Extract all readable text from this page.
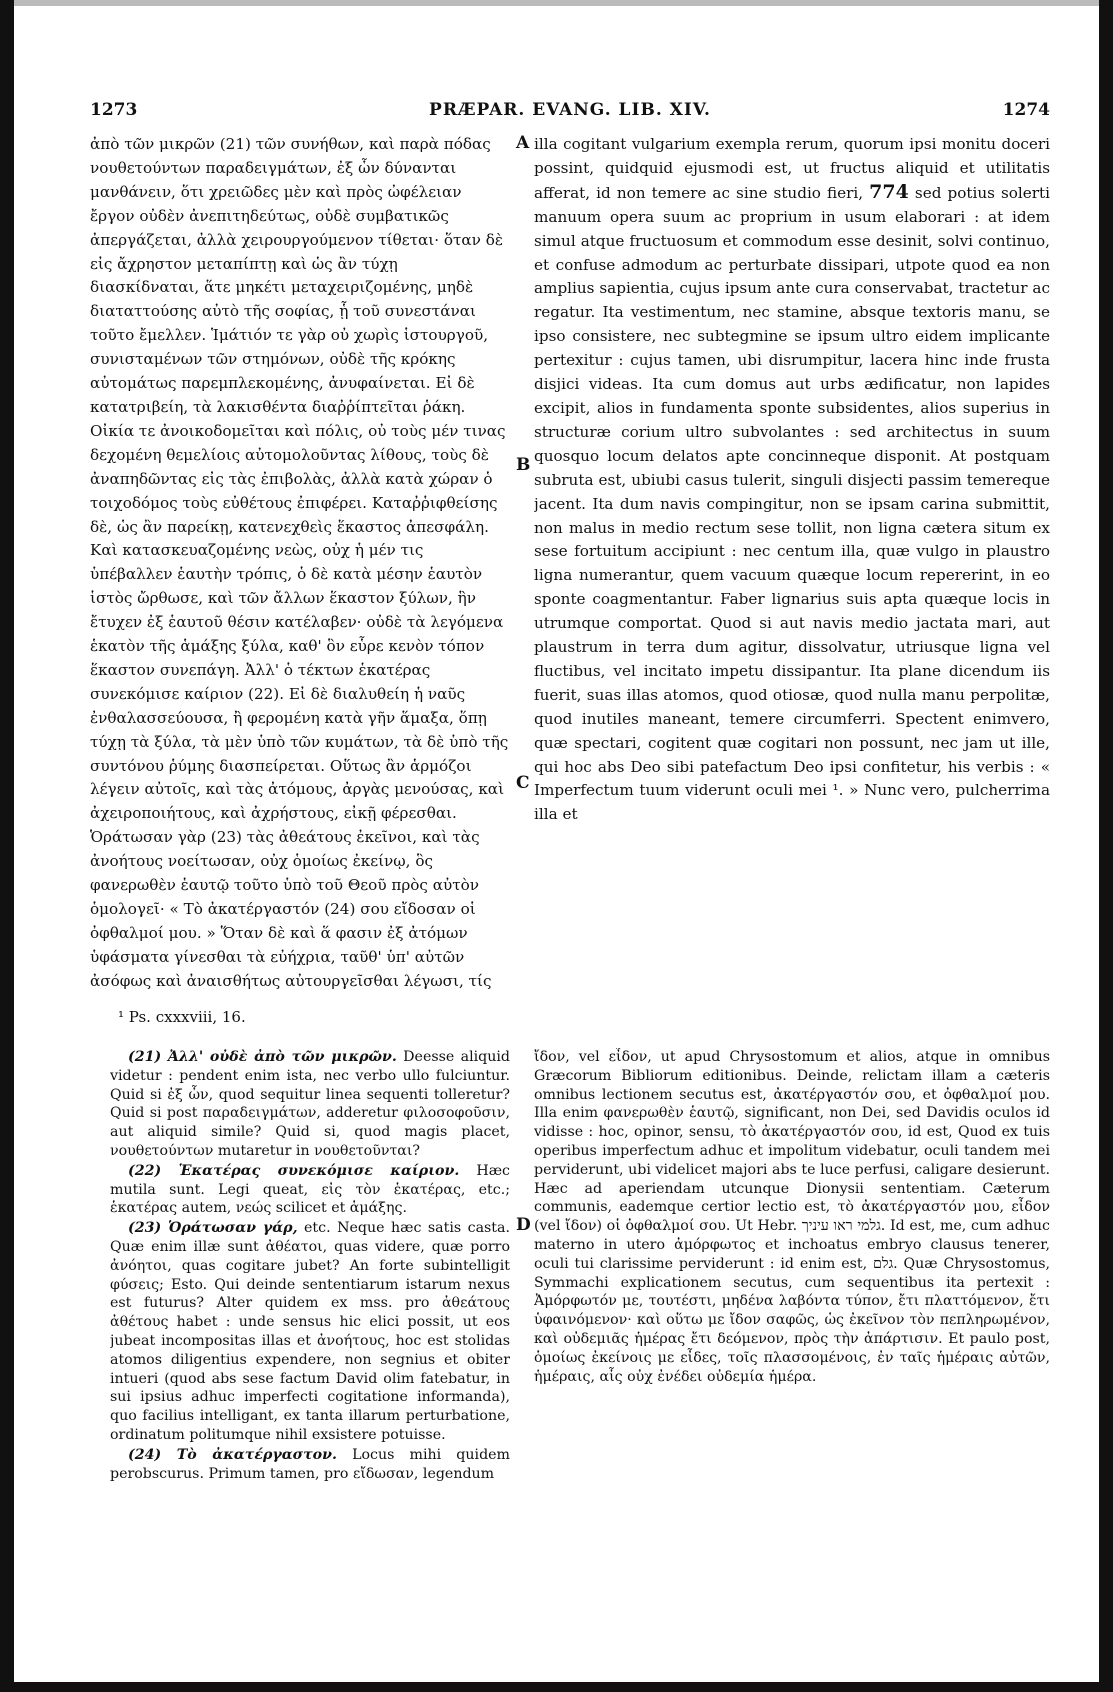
PRÆPAR. EVANG. LIB. XIV.
1273	1274

ἀπὸ τῶν μικρῶν (21) τῶν συνήθων, καὶ παρὰ πόδας νουθετούντων παραδειγμάτων, ἐξ ὧν δύνανται μανθάνειν, ὅτι χρειῶδες μὲν καὶ πρὸς ὠφέλειαν ἔργον οὐδὲν ἀνεπιτηδεύτως, οὐδὲ συμβατικῶς ἀπεργάζεται, ἀλλὰ χειρουργούμενον τίθεται· ὅταν δὲ εἰς ἄχρηστον μεταπίπτῃ καὶ ὡς ἂν τύχῃ διασκίδναται, ἅτε μηκέτι μεταχειριζομένης, μηδὲ διαταττούσης αὐτὸ τῆς σοφίας, ᾗ τοῦ συνεστάναι τοῦτο ἔμελλεν. Ἱμάτιόν τε γὰρ οὐ χωρὶς ἱστουργοῦ, συνισταμένων τῶν στημόνων, οὐδὲ τῆς κρόκης αὐτομάτως παρεμπλεκομένης, ἀνυφαίνεται. Εἰ δὲ κατατριβείη, τὰ λακισθέντα διαῤῥίπτεῖται ῥάκη. Οἰκία τε ἀνοικοδομεῖται καὶ πόλις, οὐ τοὺς μέν τινας δεχομένη θεμελίοις αὐτομολοῦντας λίθους, τοὺς δὲ ἀναπηδῶντας εἰς τὰς ἐπιβολὰς, ἀλλὰ κατὰ χώραν ὁ τοιχοδόμος τοὺς εὐθέτους ἐπιφέρει. Καταῤῥιφθείσης δὲ, ὡς ἂν παρείκῃ, κατενεχθεὶς ἕκαστος ἀπεσφάλη. Καὶ κατασκευαζομένης νεὼς, οὐχ ἡ μέν τις ὑπέβαλλεν ἑαυτὴν τρόπις, ὁ δὲ κατὰ μέσην ἑαυτὸν ἱστὸς ὤρθωσε, καὶ τῶν ἄλλων ἕκαστον ξύλων, ἣν ἔτυχεν ἐξ ἑαυτοῦ θέσιν κατέλαβεν· οὐδὲ τὰ λεγόμενα ἑκατὸν τῆς ἁμάξης ξύλα, καθ' ὃν εὗρε κενὸν τόπον ἕκαστον συνεπάγη. Ἀλλ' ὁ τέκτων ἑκατέρας συνεκόμισε καίριον (22). Εἰ δὲ διαλυθείη ἡ ναῦς ἐνθαλασσεύουσα, ἢ φερομένη κατὰ γῆν ἅμαξα, ὅπῃ τύχῃ τὰ ξύλα, τὰ μὲν ὑπὸ τῶν κυμάτων, τὰ δὲ ὑπὸ τῆς συντόνου ῥύμης διασπείρεται. Οὕτως ἂν ἁρμόζοι λέγειν αὐτοῖς, καὶ τὰς ἀτόμους, ἀργὰς μενούσας, καὶ ἀχειροποιήτους, καὶ ἀχρήστους, εἰκῇ φέρεσθαι. Ὁράτωσαν γὰρ (23) τὰς ἀθεάτους ἐκεῖνοι, καὶ τὰς ἀνοήτους νοείτωσαν, οὐχ ὁμοίως ἐκείνῳ, ὃς φανερωθὲν ἑαυτῷ τοῦτο ὑπὸ τοῦ Θεοῦ πρὸς αὐτὸν ὁμολογεῖ· « Τὸ ἀκατέργαστόν (24) σου εἴδοσαν οἱ ὀφθαλμοί μου. » Ὅταν δὲ καὶ ἅ φασιν ἐξ ἀτόμων ὑφάσματα γίνεσθαι τὰ εὐήχρια, ταῦθ' ὑπ' αὐτῶν ἀσόφως καὶ ἀναισθήτως αὐτουργεῖσθαι λέγωσι, τίς

A
B
C
D

illa cogitant vulgarium exempla rerum, quorum ipsi monitu doceri possint, quidquid ejusmodi est, ut fructus aliquid et utilitatis afferat, id non temere ac sine studio fieri, 774 sed potius solerti manuum opera suum ac proprium in usum elaborari : at idem simul atque fructuosum et commodum esse desinit, solvi continuo, et confuse admodum ac perturbate dissipari, utpote quod ea non amplius sapientia, cujus ipsum ante cura conservabat, tractetur ac regatur. Ita vestimentum, nec stamine, absque textoris manu, se ipso consistere, nec subtegmine se ipsum ultro eidem implicante pertexitur : cujus tamen, ubi disrumpitur, lacera hinc inde frusta disjici videas. Ita cum domus aut urbs ædificatur, non lapides excipit, alios in fundamenta sponte subsidentes, alios superius in structuræ corium ultro subvolantes : sed architectus in suum quosquo locum delatos apte concinneque disponit. At postquam subruta est, ubiubi casus tulerit, singuli disjecti passim temereque jacent. Ita dum navis compingitur, non se ipsam carina submittit, non malus in medio rectum sese tollit, non ligna cætera situm ex sese fortuitum accipiunt : nec centum illa, quæ vulgo in plaustro ligna numerantur, quem vacuum quæque locum repererint, in eo sponte coagmentantur. Faber lignarius suis apta quæque locis in utrumque comportat. Quod si aut navis medio jactata mari, aut plaustrum in terra dum agitur, dissolvatur, utriusque ligna vel fluctibus, vel incitato impetu dissipantur. Ita plane dicendum iis fuerit, suas illas atomos, quod otiosæ, quod nulla manu perpolitæ, quod inutiles maneant, temere circumferri. Spectent enimvero, quæ spectari, cogitent quæ cogitari non possunt, nec jam ut ille, qui hoc abs Deo sibi patefactum Deo ipsi confitetur, his verbis : « Imperfectum tuum viderunt oculi mei ¹. » Nunc vero, pulcherrima illa et

¹ Ps. cxxxviii, 16.

(21) Ἀλλ' οὐδὲ ἀπὸ τῶν μικρῶν. Deesse aliquid videtur : pendent enim ista, nec verbo ullo fulciuntur. Quid si ἐξ ὧν, quod sequitur linea sequenti tolleretur? Quid si post παραδειγμάτων, adderetur φιλοσοφοῦσιν, aut aliquid simile? Quid si, quod magis placet, νουθετούντων mutaretur in νουθετοῦνται?

(22) Ἑκατέρας συνεκόμισε καίριον. Hæc mutila sunt. Legi queat, εἰς τὸν ἑκατέρας, etc.; ἑκατέρας autem, νεώς scilicet et ἁμάξης.

(23) Ὁράτωσαν γάρ, etc. Neque hæc satis casta. Quæ enim illæ sunt ἀθέατοι, quas videre, quæ porro ἀνόητοι, quas cogitare jubet? An forte subintelligit φύσεις; Esto. Qui deinde sententiarum istarum nexus est futurus? Alter quidem ex mss. pro ἀθεάτους ἀθέτους habet : unde sensus hic elici possit, ut eos jubeat incompositas illas et ἀνοήτους, hoc est stolidas atomos diligentius expendere, non segnius et obiter intueri (quod abs sese factum David olim fatebatur, in sui ipsius adhuc imperfecti cogitatione informanda), quo facilius intelligant, ex tanta illarum perturbatione, ordinatum politumque nihil exsistere potuisse.

(24) Τὸ ἀκατέργαστον. Locus mihi quidem perobscurus. Primum tamen, pro εἴδωσαν, legendum

ἴδον, vel εἶδον, ut apud Chrysostomum et alios, atque in omnibus Græcorum Bibliorum editionibus. Deinde, relictam illam a cæteris omnibus lectionem secutus est, ἀκατέργαστόν σου, et ὀφθαλμοί μου. Illa enim φανερωθὲν ἑαυτῷ, significant, non Dei, sed Davidis oculos id vidisse : hoc, opinor, sensu, τὸ ἀκατέργαστόν σου, id est, Quod ex tuis operibus imperfectum adhuc et impolitum videbatur, oculi tandem mei perviderunt, ubi videlicet majori abs te luce perfusi, caligare desierunt. Hæc ad aperiendam utcunque Dionysii sententiam. Cæterum communis, eademque certior lectio est, τὸ ἀκατέργαστόν μου, εἶδον (vel ἴδον) οἱ ὀφθαλμοί σου. Ut Hebr. גלמי ראו עיניך. Id est, me, cum adhuc materno in utero ἀμόρφωτος et inchoatus embryo clausus tenerer, oculi tui clarissime perviderunt : id enim est, גלם. Quæ Chrysostomus, Symmachi explicationem secutus, cum sequentibus ita pertexit : Ἀμόρφωτόν με, τουτέστι, μηδένα λαβόντα τύπον, ἔτι πλαττόμενον, ἔτι ὑφαινόμενον· καὶ οὕτω με ἴδον σαφῶς, ὡς ἐκεῖνον τὸν πεπληρωμένον, καὶ οὐδεμιᾶς ἡμέρας ἔτι δεόμενον, πρὸς τὴν ἀπάρτισιν. Et paulo post, ὁμοίως ἐκείνοις με εἶδες, τοῖς πλασσομένοις, ἐν ταῖς ἡμέραις αὐτῶν, ἡμέραις, αἷς οὐχ ἐνέδει οὐδεμία ἡμέρα.
